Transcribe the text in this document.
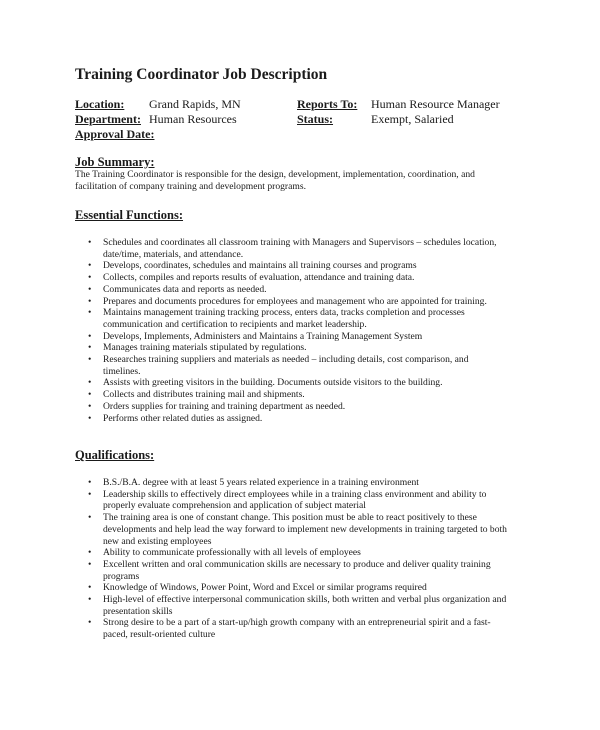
Training Coordinator Job Description
Location: Grand Rapids, MN	Reports To: Human Resource Manager
Department: Human Resources	Status:	Exempt, Salaried
Approval Date:
Job Summary:
The Training Coordinator is responsible for the design, development, implementation, coordination, and facilitation of company training and development programs.
Essential Functions:
• Schedules and coordinates all classroom training with Managers and Supervisors – schedules location, date/time, materials, and attendance.
• Develops, coordinates, schedules and maintains all training courses and programs
• Collects, compiles and reports results of evaluation, attendance and training data.
• Communicates data and reports as needed.
• Prepares and documents procedures for employees and management who are appointed for training.
• Maintains management training tracking process, enters data, tracks completion and processes communication and certification to recipients and market leadership.
• Develops, Implements, Administers and Maintains a Training Management System
• Manages training materials stipulated by regulations.
• Researches training suppliers and materials as needed – including details, cost comparison, and timelines.
• Assists with greeting visitors in the building. Documents outside visitors to the building.
• Collects and distributes training mail and shipments.
• Orders supplies for training and training department as needed.
• Performs other related duties as assigned.
Qualifications:
• B.S./B.A. degree with at least 5 years related experience in a training environment
• Leadership skills to effectively direct employees while in a training class environment and ability to properly evaluate comprehension and application of subject material
• The training area is one of constant change. This position must be able to react positively to these developments and help lead the way forward to implement new developments in training targeted to both new and existing employees
• Ability to communicate professionally with all levels of employees
• Excellent written and oral communication skills are necessary to produce and deliver quality training programs
• Knowledge of Windows, Power Point, Word and Excel or similar programs required
• High-level of effective interpersonal communication skills, both written and verbal plus organization and presentation skills
• Strong desire to be a part of a start-up/high growth company with an entrepreneurial spirit and a fast-paced, result-oriented culture
